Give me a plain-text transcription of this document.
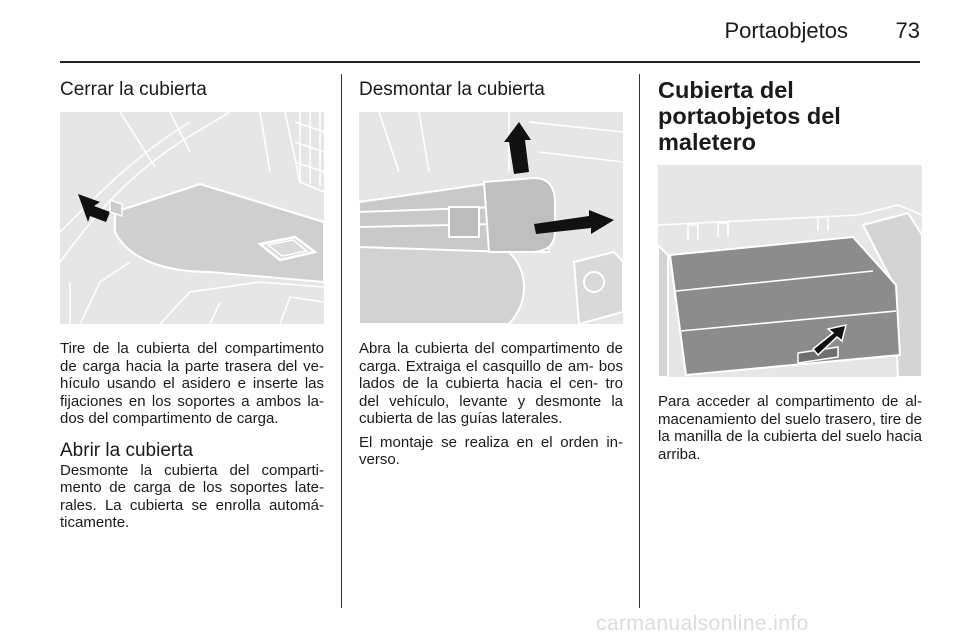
Portaobjetos 73
Cerrar la cubierta

Tire de la cubierta del compartimento de carga hacia la parte trasera del ve- hículo usando el asidero e inserte las fijaciones en los soportes a ambos la- dos del compartimento de carga.

Abrir la cubierta

Desmonte la cubierta del comparti- mento de carga de los soportes late- rales. La cubierta se enrolla automá- ticamente.

Desmontar la cubierta

Abra la cubierta del compartimento de carga. Extraiga el casquillo de am- bos lados de la cubierta hacia el cen- tro del vehículo, levante y desmonte la cubierta de las guías laterales.

El montaje se realiza en el orden in- verso.

Cubierta del portaobjetos del maletero

Para acceder al compartimento de al- macenamiento del suelo trasero, tire de la manilla de la cubierta del suelo hacia arriba.

carmanualsonline.info
